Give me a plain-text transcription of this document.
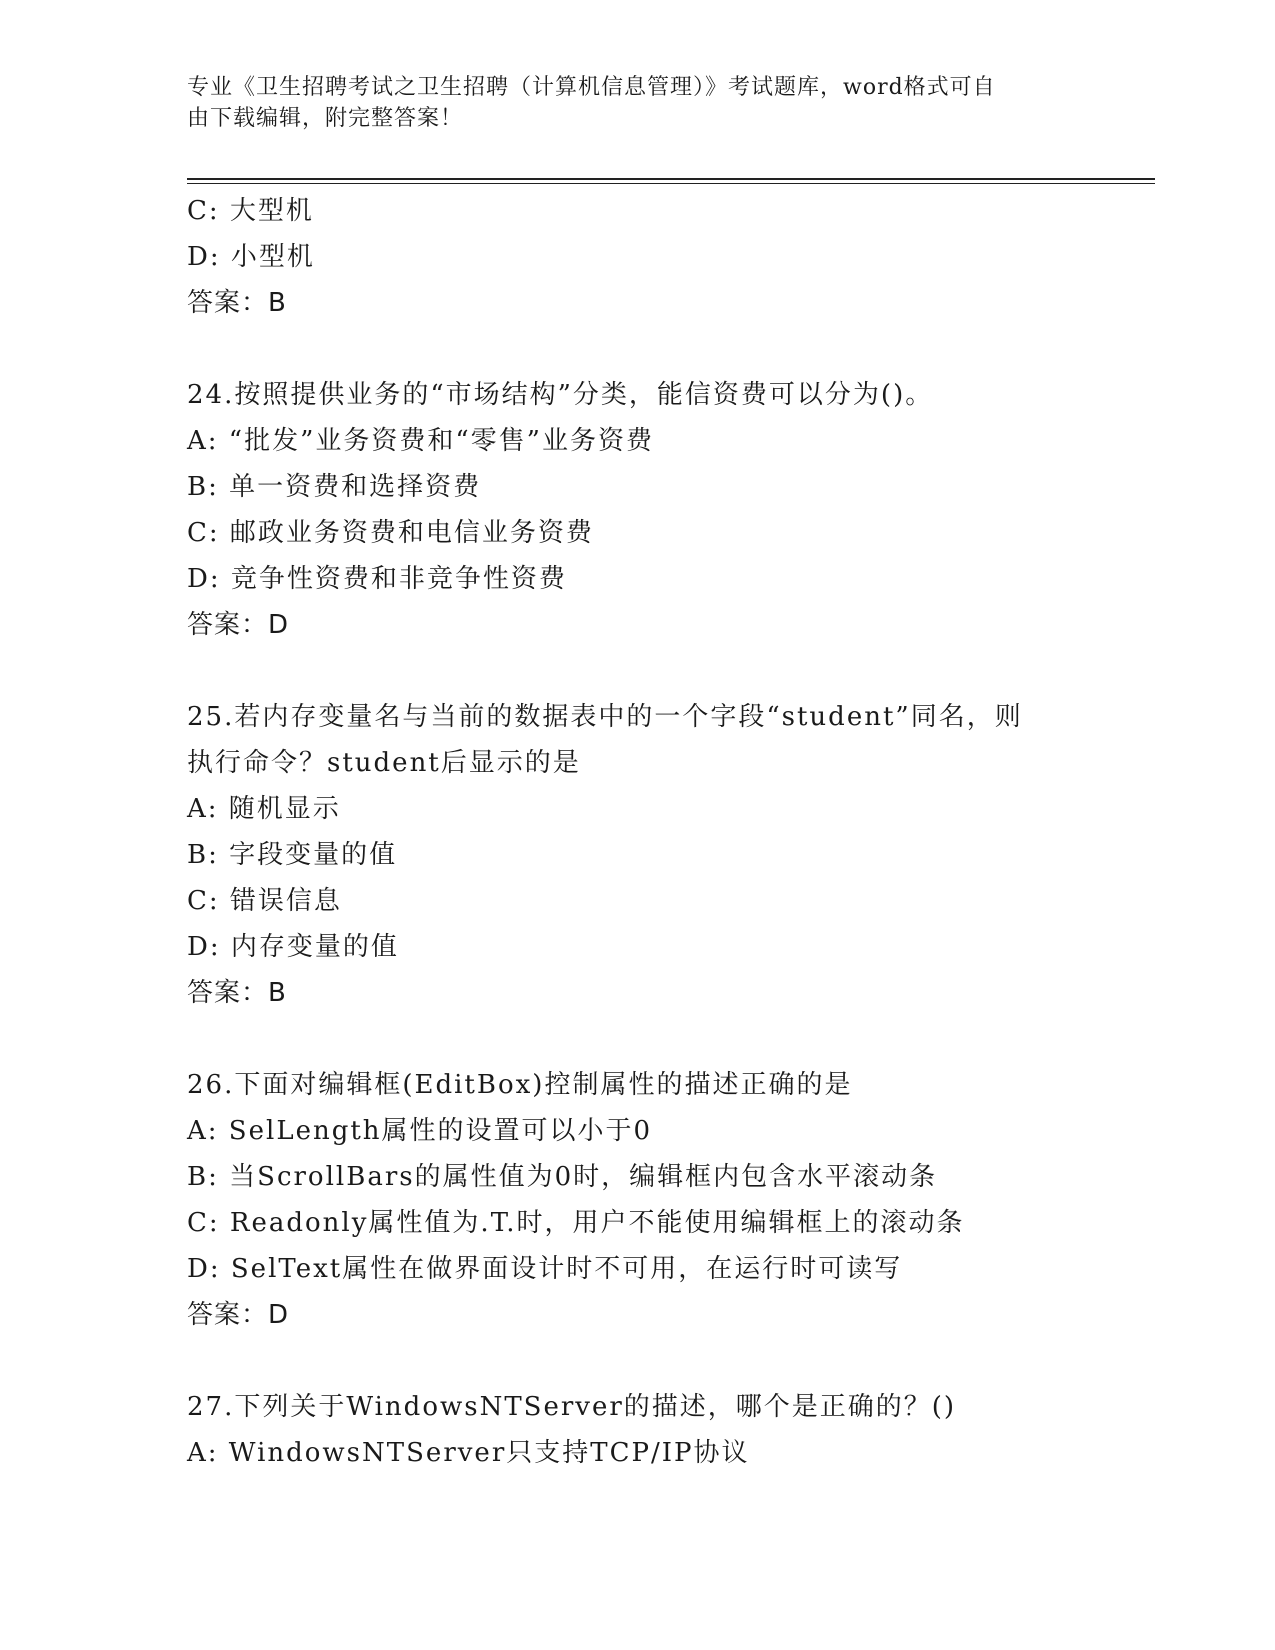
专业《卫生招聘考试之卫生招聘（计算机信息管理）》考试题库，word格式可自
由下载编辑，附完整答案！
C: 大型机
D: 小型机
答案：B
24.按照提供业务的“市场结构”分类，能信资费可以分为()。
A: “批发”业务资费和“零售”业务资费
B: 单一资费和选择资费
C: 邮政业务资费和电信业务资费
D: 竞争性资费和非竞争性资费
答案：D
25.若内存变量名与当前的数据表中的一个字段“student”同名，则
执行命令？student后显示的是
A: 随机显示
B: 字段变量的值
C: 错误信息
D: 内存变量的值
答案：B
26.下面对编辑框(EditBox)控制属性的描述正确的是
A: SelLength属性的设置可以小于0
B: 当ScrollBars的属性值为0时，编辑框内包含水平滚动条
C: Readonly属性值为.T.时，用户不能使用编辑框上的滚动条
D: SelText属性在做界面设计时不可用，在运行时可读写
答案：D
27.下列关于WindowsNTServer的描述，哪个是正确的？()
A: WindowsNTServer只支持TCP/IP协议
